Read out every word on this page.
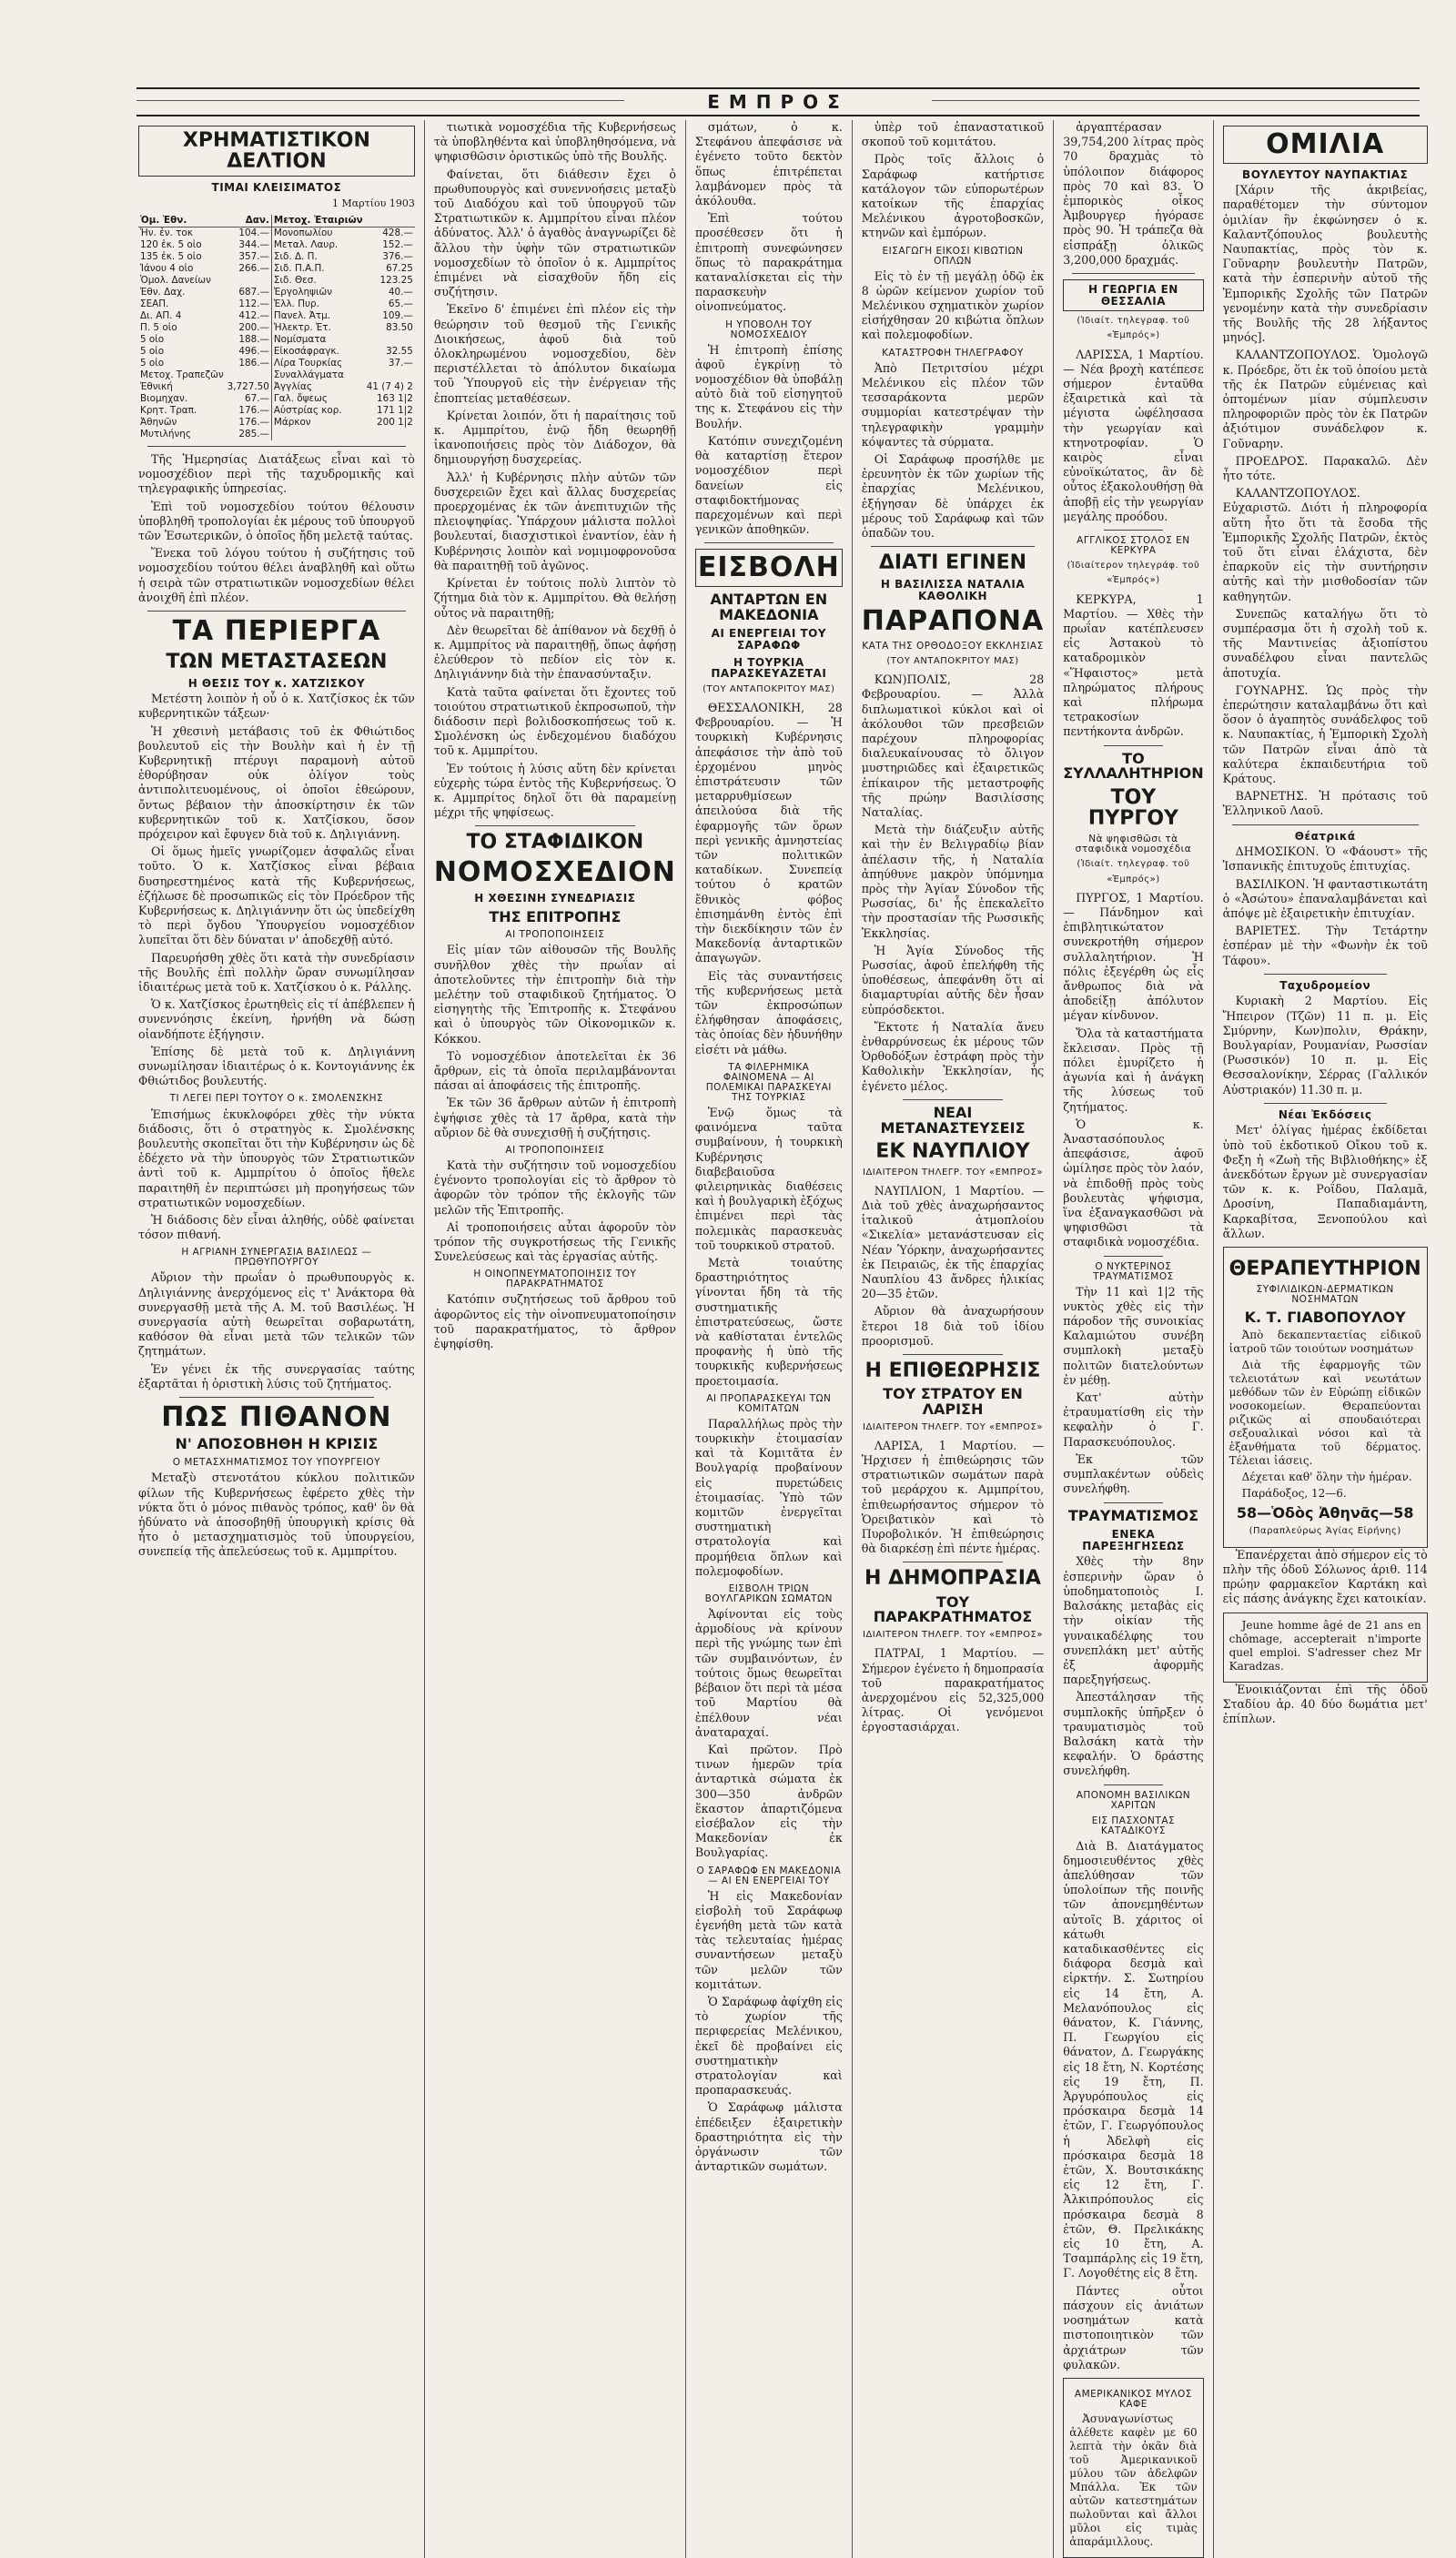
ΕΜΠΡΟΣ
ΧΡΗΜΑΤΙΣΤΙΚΟΝ ΔΕΛΤΙΟΝ
ΤΙΜΑΙ ΚΛΕΙΣΙΜΑΤΟΣ
1 Μαρτίου 1903
Ὁμ. Ἐθν.	Δαν.	Μετοχ. Ἑταιριῶν	
Ἠν. ἐν. τοκ	104.—	Μονοπωλίου	428.—
120 ἐκ. 5 οἰο	344.—	Μεταλ. Λαυρ.	152.—
135 ἐκ. 5 οἰο	357.—	Σιδ. Δ. Π.	376.—
Ἰάνου 4 οἰο	266.—	Σιδ. Π.Α.Π.	67.25
Ὁμολ. Δανείων		Σιδ. Θεσ.	123.25
Ἐθν. Δαχ.	687.—	Ἐργοληψιῶν	40.—
ΣΕΑΠ.	112.—	Ἑλλ. Πυρ.	65.—
Δι. ΑΠ. 4	412.—	Πανελ. Ἀτμ.	109.—
Π. 5 οἰο	200.—	Ἠλεκτρ. Ἑτ.	83.50
5 οἰο	188.—	Νομίσματα	
5 οἰο	496.—	Εἰκοσάφραγκ.	32.55
5 οἰο	186.—	Λίρα Τουρκίας	37.—
Μετοχ. Τραπεζῶν		Συναλλάγματα	
Ἐθνική	3,727.50	Ἀγγλίας	41 (7 4) 2
Βιομηχαν.	67.—	Γαλ. ὄψεως	163 1|2
Κρητ. Τραπ.	176.—	Αὐστρίας κορ.	171 1|2
Ἀθηνῶν	176.—	Μάρκον	200 1|2
Μυτιλήνης	285.—		

Τῆς Ἡμερησίας Διατάξεως εἶναι καὶ τὸ νομοσχέδιον περὶ τῆς ταχυδρομικῆς καὶ τηλεγραφικῆς ὑπηρεσίας.

Ἐπὶ τοῦ νομοσχεδίου τούτου θέλουσιν ὑποβληθῆ τροπολογίαι ἐκ μέρους τοῦ ὑπουργοῦ τῶν Ἐσωτερικῶν, ὁ ὁποῖος ἤδη μελετᾷ ταύτας.

Ἕνεκα τοῦ λόγου τούτου ἡ συζήτησις τοῦ νομοσχεδίου τούτου θέλει ἀναβληθῆ καὶ οὕτω ἡ σειρὰ τῶν στρατιωτικῶν νομοσχεδίων θέλει ἀνοιχθῆ ἐπὶ πλέον.

ΤΑ ΠΕΡΙΕΡΓΑ
ΤΩΝ ΜΕΤΑΣΤΑΣΕΩΝ
Η ΘΕΣΙΣ ΤΟΥ κ. ΧΑΤΖΙΣΚΟΥ

Μετέστη λοιπὸν ἡ οὗ ὁ κ. Χατζίσκος ἐκ τῶν κυβερνητικῶν τάξεων·

Ἡ χθεσινὴ μετάβασις τοῦ ἐκ Φθιώτιδος βουλευτοῦ εἰς τὴν Βουλὴν καὶ ἡ ἐν τῇ Κυβερνητικῇ πτέρυγι παραμονὴ αὐτοῦ ἐθορύβησαν οὐκ ὀλίγον τοὺς ἀντιπολιτευομένους, οἱ ὁποῖοι ἐθεώρουν, ὄντως βέβαιον τὴν ἀποσκίρτησιν ἐκ τῶν κυβερνητικῶν τοῦ κ. Χατζίσκου, ὅσον πρόχειρον καὶ ἔφυγεν διὰ τοῦ κ. Δηλιγιάννη.

Οἱ ὅμως ἡμεῖς γνωρίζομεν ἀσφαλῶς εἶναι τοῦτο. Ὁ κ. Χατζίσκος εἶναι βέβαια δυσηρεστημένος κατὰ τῆς Κυβερνήσεως, ἐζήλωσε δὲ προσωπικῶς εἰς τὸν Πρόεδρον τῆς Κυβερνήσεως κ. Δηλιγιάννην ὅτι ὡς ὑπεδείχθη τὸ περὶ ὄγδου Ὑπουργείου νομοσχέδιον λυπεῖται ὅτι δὲν δύναται ν' ἀποδεχθῇ αὐτό.

Παρευρήσθη χθὲς ὅτι κατὰ τὴν συνεδρίασιν τῆς Βουλῆς ἐπὶ πολλὴν ὥραν συνωμίλησαν ἰδιαιτέρως μετὰ τοῦ κ. Χατζίσκου ὁ κ. Ράλλης.

Ὁ κ. Χατζίσκος ἐρωτηθεὶς εἰς τί ἀπέβλεπεν ἡ συνεννόησις ἐκείνη, ἠρνήθη νὰ δώσῃ οἱανδήποτε ἐξήγησιν.

Ἐπίσης δὲ μετὰ τοῦ κ. Δηλιγιάννη συνωμίλησαν ἰδιαιτέρως ὁ κ. Κοντογιάννης ἐκ Φθιώτιδος βουλευτής.

ΤΙ ΛΕΓΕΙ ΠΕΡΙ ΤΟΥΤΟΥ Ο κ. ΣΜΟΛΕΝΣΚΗΣ

Ἐπισήμως ἐκυκλοφόρει χθὲς τὴν νύκτα διάδοσις, ὅτι ὁ στρατηγὸς κ. Σμολένσκης βουλευτὴς σκοπεῖται ὅτι τὴν Κυβέρνησιν ὡς δὲ ἐδέχετο νὰ τὴν ὑπουργὸς τῶν Στρατιωτικῶν ἀντὶ τοῦ κ. Αμμπρίτου ὁ ὁποῖος ἤθελε παραιτηθῆ ἐν περιπτώσει μὴ προηγήσεως τῶν στρατιωτικῶν νομοσχεδίων.

Ἡ διάδοσις δὲν εἶναι ἀληθής, οὐδὲ φαίνεται τόσον πιθανή.

Η ΑΓΡΙΑΝΗ ΣΥΝΕΡΓΑΣΙΑ ΒΑΣΙΛΕΩΣ — ΠΡΩΘΥΠΟΥΡΓΟΥ

Αὔριον τὴν πρωΐαν ὁ πρωθυπουργὸς κ. Δηλιγιάννης ἀνερχόμενος εἰς τ' Ἀνάκτορα θὰ συνεργασθῇ μετὰ τῆς Α. Μ. τοῦ Βασιλέως. Ἡ συνεργασία αὐτὴ θεωρεῖται σοβαρωτάτη, καθόσον θὰ εἶναι μετὰ τῶν τελικῶν τῶν ζητημάτων.

Ἐν γένει ἐκ τῆς συνεργασίας ταύτης ἐξαρτᾶται ἡ ὁριστικὴ λύσις τοῦ ζητήματος.

ΠΩΣ ΠΙΘΑΝΟΝ
Ν' ΑΠΟΣΟΒΗΘΗ Η ΚΡΙΣΙΣ
Ο ΜΕΤΑΣΧΗΜΑΤΙΣΜΟΣ ΤΟΥ ΥΠΟΥΡΓΕΙΟΥ

Μεταξὺ στενοτάτου κύκλου πολιτικῶν φίλων τῆς Κυβερνήσεως ἐφέρετο χθὲς τὴν νύκτα ὅτι ὁ μόνος πιθανὸς τρόπος, καθ' ὃν θὰ ἠδύνατο νὰ ἀποσοβηθῇ ὑπουργικὴ κρίσις θὰ ἦτο ὁ μετασχηματισμὸς τοῦ ὑπουργείου, συνεπείᾳ τῆς ἀπελεύσεως τοῦ κ. Αμμπρίτου.

τιωτικὰ νομοσχέδια τῆς Κυβερνήσεως τὰ ὑποβληθέντα καὶ ὑποβληθησόμενα, νὰ ψηφισθῶσιν ὁριστικῶς ὑπὸ τῆς Βουλῆς.

Φαίνεται, ὅτι διάθεσιν ἔχει ὁ πρωθυπουργὸς καὶ συνεννοήσεις μεταξὺ τοῦ Διαδόχου καὶ τοῦ ὑπουργοῦ τῶν Στρατιωτικῶν κ. Αμμπρίτου εἶναι πλέον ἀδύνατος. Ἀλλ' ὁ ἀγαθὸς ἀναγνωρίζει δὲ ἄλλου τὴν ὑφὴν τῶν στρατιωτικῶν νομοσχεδίων τὸ ὁποῖον ὁ κ. Αμμπρίτος ἐπιμένει νὰ εἰσαχθοῦν ἤδη εἰς συζήτησιν.

Ἐκεῖνο δ' ἐπιμένει ἐπὶ πλέον εἰς τὴν θεώρησιν τοῦ θεσμοῦ τῆς Γενικῆς Διοικήσεως, ἀφοῦ διὰ τοῦ ὁλοκληρωμένου νομοσχεδίου, δὲν περιστέλλεται τὸ ἀπόλυτον δικαίωμα τοῦ Ὑπουργοῦ εἰς τὴν ἐνέργειαν τῆς ἐποπτείας μεταθέσεων.

Κρίνεται λοιπόν, ὅτι ἡ παραίτησις τοῦ κ. Αμμπρίτου, ἐνῷ ἤδη θεωρηθῇ ἱκανοποιήσεις πρὸς τὸν Διάδοχον, θὰ δημιουργήσῃ δυσχερείας.

Ἀλλ' ἡ Κυβέρνησις πλὴν αὐτῶν τῶν δυσχερειῶν ἔχει καὶ ἄλλας δυσχερείας προερχομένας ἐκ τῶν ἀνεπιτυχιῶν τῆς πλειοψηφίας. Ὑπάρχουν μάλιστα πολλοὶ βουλευταί, διασχιστικοὶ ἐναντίον, ἐὰν ἡ Κυβέρνησις λοιπὸν καὶ νομιμοφρονοῦσα θὰ παραιτηθῇ τοῦ ἀγῶνος.

Κρίνεται ἐν τούτοις πολὺ λιπτὸν τὸ ζήτημα διὰ τὸν κ. Αμμπρίτου. Θὰ θελήσῃ οὗτος νὰ παραιτηθῇ;

Δὲν θεωρεῖται δὲ ἀπίθανον νὰ δεχθῇ ὁ κ. Αμμπρίτος νὰ παραιτηθῇ, ὅπως ἀφήσῃ ἐλεύθερον τὸ πεδίον εἰς τὸν κ. Δηλιγιάννην διὰ τὴν ἐπανασύνταξιν.

Κατὰ ταῦτα φαίνεται ὅτι ἔχοντες τοῦ τοιούτου στρατιωτικοῦ ἐκπροσωποῦ, τὴν διάδοσιν περὶ βολιδοσκοπήσεως τοῦ κ. Σμολένσκη ὡς ἐνδεχομένου διαδόχου τοῦ κ. Αμμπρίτου.

Ἐν τούτοις ἡ λύσις αὕτη δὲν κρίνεται εὐχερὴς τώρα ἐντὸς τῆς Κυβερνήσεως. Ὁ κ. Αμμπρίτος δηλοῖ ὅτι θὰ παραμείνῃ μέχρι τῆς ψηφίσεως.

ΤΟ ΣΤΑΦΙΔΙΚΟΝ
ΝΟΜΟΣΧΕΔΙΟΝ
Η ΧΘΕΣΙΝΗ ΣΥΝΕΔΡΙΑΣΙΣ
ΤΗΣ ΕΠΙΤΡΟΠΗΣ
ΑΙ ΤΡΟΠΟΠΟΙΗΣΕΙΣ

Εἰς μίαν τῶν αἰθουσῶν τῆς Βουλῆς συνῆλθον χθὲς τὴν πρωΐαν αἱ ἀποτελοῦντες τὴν ἐπιτροπὴν διὰ τὴν μελέτην τοῦ σταφιδικοῦ ζητήματος. Ὁ εἰσηγητὴς τῆς Ἐπιτροπῆς κ. Στεφάνου καὶ ὁ ὑπουργὸς τῶν Οἰκονομικῶν κ. Κόκκου.

Τὸ νομοσχέδιον ἀποτελεῖται ἐκ 36 ἄρθρων, εἰς τὰ ὁποῖα περιλαμβάνονται πάσαι αἱ ἀποφάσεις τῆς ἐπιτροπῆς.

Ἐκ τῶν 36 ἄρθρων αὐτῶν ἡ ἐπιτροπὴ ἐψήφισε χθὲς τὰ 17 ἄρθρα, κατὰ τὴν αὔριον δὲ θὰ συνεχισθῇ ἡ συζήτησις.

ΑΙ ΤΡΟΠΟΠΟΙΗΣΕΙΣ

Κατὰ τὴν συζήτησιν τοῦ νομοσχεδίου ἐγένοντο τροπολογίαι εἰς τὸ ἄρθρον τὸ ἀφορῶν τὸν τρόπον τῆς ἐκλογῆς τῶν μελῶν τῆς Ἐπιτροπῆς.

Αἱ τροποποιήσεις αὗται ἀφοροῦν τὸν τρόπον τῆς συγκροτήσεως τῆς Γενικῆς Συνελεύσεως καὶ τὰς ἐργασίας αὐτῆς.

Η ΟΙΝΟΠΝΕΥΜΑΤΟΠΟΙΗΣΙΣ ΤΟΥ ΠΑΡΑΚΡΑΤΗΜΑΤΟΣ

Κατόπιν συζητήσεως τοῦ ἄρθρου τοῦ ἀφορῶντος εἰς τὴν οἰνοπνευματοποίησιν τοῦ παρακρατήματος, τὸ ἄρθρον ἐψηφίσθη.

σμάτων, ὁ κ. Στεφάνου ἀπεφάσισε νὰ ἐγένετο τοῦτο δεκτὸν ὅπως ἐπιτρέπεται λαμβάνομεν πρὸς τὰ ἀκόλουθα.

Ἐπὶ τούτου προσέθεσεν ὅτι ἡ ἐπιτροπὴ συνεφώνησεν ὅπως τὸ παρακράτημα καταναλίσκεται εἰς τὴν παρασκευὴν οἰνοπνεύματος.

Η ΥΠΟΒΟΛΗ ΤΟΥ ΝΟΜΟΣΧΕΔΙΟΥ

Ἡ ἐπιτροπὴ ἐπίσης ἀφοῦ ἐγκρίνῃ τὸ νομοσχέδιον θὰ ὑποβάλῃ αὐτὸ διὰ τοῦ εἰσηγητοῦ της κ. Στεφάνου εἰς τὴν Βουλήν.

Κατόπιν συνεχιζομένη θὰ καταρτίσῃ ἕτερον νομοσχέδιον περὶ δανείων εἰς σταφιδοκτήμονας παρεχομένων καὶ περὶ γενικῶν ἀποθηκῶν.

ΕΙΣΒΟΛΗ
ΑΝΤΑΡΤΩΝ ΕΝ ΜΑΚΕΔΟΝΙΑ
ΑΙ ΕΝΕΡΓΕΙΑΙ ΤΟΥ ΣΑΡΑΦΩΦ
Η ΤΟΥΡΚΙΑ ΠΑΡΑΣΚΕΥΑΖΕΤΑΙ
(ΤΟΥ ΑΝΤΑΠΟΚΡΙΤΟΥ ΜΑΣ)

ΘΕΣΣΑΛΟΝΙΚΗ, 28 Φεβρουαρίου. — Ἡ τουρκικὴ Κυβέρνησις ἀπεφάσισε τὴν ἀπὸ τοῦ ἐρχομένου μηνὸς ἐπιστράτευσιν τῶν μεταρρυθμίσεων ἀπειλούσα διὰ τῆς ἐφαρμογῆς τῶν ὅρων περὶ γενικῆς ἀμνηστείας τῶν πολιτικῶν καταδίκων. Συνεπείᾳ τούτου ὁ κρατῶν ἔθνικὸς φόβος ἐπισημάνθη ἐντὸς ἐπὶ τὴν διεκδίκησιν τῶν ἐν Μακεδονίᾳ ἀνταρτικῶν ἀπαγωγῶν.

Εἰς τὰς συναντήσεις τῆς κυβερνήσεως μετὰ τῶν ἐκπροσώπων ἐλήφθησαν ἀποφάσεις, τὰς ὁποίας δὲν ἠδυνήθην εἰσέτι νὰ μάθω.

ΤΑ ΦΙΛΕΡΗΜΙΚΑ ΦΑΙΝΟΜΕΝΑ — ΑΙ ΠΟΛΕΜΙΚΑΙ ΠΑΡΑΣΚΕΥΑΙ ΤΗΣ ΤΟΥΡΚΙΑΣ

Ἐνῷ ὅμως τὰ φαινόμενα ταῦτα συμβαίνουν, ἡ τουρκικὴ Κυβέρνησις διαβεβαιοῦσα φιλειρηνικὰς διαθέσεις καὶ ἡ βουλγαρικὴ ἐξόχως ἐπιμένει περὶ τὰς πολεμικὰς παρασκευὰς τοῦ τουρκικοῦ στρατοῦ.

Μετὰ τοιαύτης δραστηριότητος γίνονται ἤδη τὰ τῆς συστηματικῆς ἐπιστρατεύσεως, ὥστε νὰ καθίσταται ἐντελῶς προφανὴς ἡ ὑπὸ τῆς τουρκικῆς κυβερνήσεως προετοιμασία.

ΑΙ ΠΡΟΠΑΡΑΣΚΕΥΑΙ ΤΩΝ ΚΟΜΙΤΑΤΩΝ

Παραλλήλως πρὸς τὴν τουρκικὴν ἑτοιμασίαν καὶ τὰ Κομιτᾶτα ἐν Βουλγαρίᾳ προβαίνουν εἰς πυρετώδεις ἑτοιμασίας. Ὑπὸ τῶν κομιτῶν ἐνεργεῖται συστηματικὴ στρατολογία καὶ προμήθεια ὅπλων καὶ πολεμοφοδίων.

ΕΙΣΒΟΛΗ ΤΡΙΩΝ ΒΟΥΛΓΑΡΙΚΩΝ ΣΩΜΑΤΩΝ

Ἀφίνονται εἰς τοὺς ἀρμοδίους νὰ κρίνουν περὶ τῆς γνώμης των ἐπὶ τῶν συμβαινόντων, ἐν τούτοις ὅμως θεωρεῖται βέβαιον ὅτι περὶ τὰ μέσα τοῦ Μαρτίου θὰ ἐπέλθουν νέαι ἀναταραχαί.

Καὶ πρῶτον. Πρὸ τινων ἡμερῶν τρία ἀνταρτικὰ σώματα ἐκ 300—350 ἀνδρῶν ἕκαστον ἀπαρτιζόμενα εἰσέβαλον εἰς τὴν Μακεδονίαν ἐκ Βουλγαρίας.

Ο ΣΑΡΑΦΩΦ ΕΝ ΜΑΚΕΔΟΝΙΑ — ΑΙ ΕΝ ΕΝΕΡΓΕΙΑΙ ΤΟΥ

Ἡ εἰς Μακεδονίαν εἰσβολὴ τοῦ Σαράφωφ ἐγενήθη μετὰ τῶν κατὰ τὰς τελευταίας ἡμέρας συναντήσεων μεταξὺ τῶν μελῶν τῶν κομιτάτων.

Ὁ Σαράφωφ ἀφίχθη εἰς τὸ χωρίον τῆς περιφερείας Μελένικου, ἐκεῖ δὲ προβαίνει εἰς συστηματικὴν στρατολογίαν καὶ προπαρασκευάς.

Ὁ Σαράφωφ μάλιστα ἐπέδειξεν ἐξαιρετικὴν δραστηριότητα εἰς τὴν ὀργάνωσιν τῶν ἀνταρτικῶν σωμάτων.

ὑπὲρ τοῦ ἐπαναστατικοῦ σκοποῦ τοῦ κομιτάτου.

Πρὸς τοῖς ἄλλοις ὁ Σαράφωφ κατήρτισε κατάλογον τῶν εὐπορωτέρων κατοίκων τῆς ἐπαρχίας Μελένικου ἀγροτοβοσκῶν, κτηνῶν καὶ ἐμπόρων.

ΕΙΣΑΓΩΓΗ ΕΙΚΟΣΙ ΚΙΒΩΤΙΩΝ ΟΠΛΩΝ

Εἰς τὸ ἐν τῇ μεγάλῃ ὁδῷ ἐκ 8 ὡρῶν κείμενον χωρίον τοῦ Μελένικου σχηματικὸν χωρίον εἰσήχθησαν 20 κιβώτια ὅπλων καὶ πολεμοφοδίων.

ΚΑΤΑΣΤΡΟΦΗ ΤΗΛΕΓΡΑΦΟΥ

Ἀπὸ Πετριτσίου μέχρι Μελένικου εἰς πλέον τῶν τεσσαράκοντα μερῶν συμμορίαι κατεστρέψαν τὴν τηλεγραφικὴν γραμμὴν κόψαντες τὰ σύρματα.

Οἱ Σαράφωφ προσήλθε με ἐρευνητὸν ἐκ τῶν χωρίων τῆς ἐπαρχίας Μελένικου, ἐξήγησαν δὲ ὑπάρχει ἐκ μέρους τοῦ Σαράφωφ καὶ τῶν ὁπαδῶν του.

ΔΙΑΤΙ ΕΓΙΝΕΝ
Η ΒΑΣΙΛΙΣΣΑ ΝΑΤΑΛΙΑ ΚΑΘΟΛΙΚΗ
ΠΑΡΑΠΟΝΑ
ΚΑΤΑ ΤΗΣ ΟΡΘΟΔΟΞΟΥ ΕΚΚΛΗΣΙΑΣ
(ΤΟΥ ΑΝΤΑΠΟΚΡΙΤΟΥ ΜΑΣ)

ΚΩΝ)ΠΟΛΙΣ, 28 Φεβρουαρίου. — Ἀλλὰ διπλωματικοὶ κύκλοι καὶ οἱ ἀκόλουθοι τῶν πρεσβειῶν παρέχουν πληροφορίας διαλευκαίνουσας τὸ ὄλιγον μυστηριῶδες καὶ ἐξαιρετικῶς ἐπίκαιρον τῆς μεταστροφῆς τῆς πρώην Βασιλίσσης Ναταλίας.

Μετὰ τὴν διάζευξιν αὐτῆς καὶ τὴν ἐν Βελιγραδίῳ βίαν ἀπέλασιν τῆς, ἡ Ναταλία ἀπηύθυνε μακρὸν ὑπόμνημα πρὸς τὴν Ἁγίαν Σύνοδον τῆς Ρωσσίας, δι' ἧς ἐπεκαλεῖτο τὴν προστασίαν τῆς Ρωσσικῆς Ἐκκλησίας.

Ἡ Ἁγία Σύνοδος τῆς Ρωσσίας, ἀφοῦ ἐπελήφθη τῆς ὑποθέσεως, ἀπεφάνθη ὅτι αἱ διαμαρτυρίαι αὐτῆς δὲν ἦσαν εὐπρόσδεκτοι.

Ἔκτοτε ἡ Ναταλία ἄνευ ἐνθαρρύνσεως ἐκ μέρους τῶν Ὀρθοδόξων ἐστράφη πρὸς τὴν Καθολικὴν Ἐκκλησίαν, ἧς ἐγένετο μέλος.

ΝΕΑΙ ΜΕΤΑΝΑΣΤΕΥΣΕΙΣ
ΕΚ ΝΑΥΠΛΙΟΥ
ΙΔΙΑΙΤΕΡΟΝ ΤΗΛΕΓΡ. ΤΟΥ «ΕΜΠΡΟΣ»

ΝΑΥΠΛΙΟΝ, 1 Μαρτίου. — Διὰ τοῦ χθὲς ἀναχωρήσαντος ἰταλικοῦ ἀτμοπλοίου «Σικελία» μετανάστευσαν εἰς Νέαν Ὑόρκην, ἀναχωρήσαντες ἐκ Πειραιῶς, ἐκ τῆς ἐπαρχίας Ναυπλίου 43 ἄνδρες ἡλικίας 20—35 ἐτῶν.

Αὔριον θὰ ἀναχωρήσουν ἔτεροι 18 διὰ τοῦ ἰδίου προορισμοῦ.

Η ΕΠΙΘΕΩΡΗΣΙΣ
ΤΟΥ ΣΤΡΑΤΟΥ ΕΝ ΛΑΡΙΣΗ
ΙΔΙΑΙΤΕΡΟΝ ΤΗΛΕΓΡ. ΤΟΥ «ΕΜΠΡΟΣ»

ΛΑΡΙΣΑ, 1 Μαρτίου. — Ἠρχισεν ἡ ἐπιθεώρησις τῶν στρατιωτικῶν σωμάτων παρὰ τοῦ μεράρχου κ. Αμμπρίτου, ἐπιθεωρήσαντος σήμερον τὸ Ὁρειβατικὸν καὶ τὸ Πυροβολικόν. Ἡ ἐπιθεώρησις θὰ διαρκέσῃ ἐπὶ πέντε ἡμέρας.

Η ΔΗΜΟΠΡΑΣΙΑ
ΤΟΥ ΠΑΡΑΚΡΑΤΗΜΑΤΟΣ
ΙΔΙΑΙΤΕΡΟΝ ΤΗΛΕΓΡ. ΤΟΥ «ΕΜΠΡΟΣ»

ΠΑΤΡΑΙ, 1 Μαρτίου. — Σήμερον ἐγένετο ἡ δημοπρασία τοῦ παρακρατήματος ἀνερχομένου εἰς 52,325,000 λίτρας. Οἱ γενόμενοι ἐργοστασιάρχαι.

ἀργαπτέρασαν 39,754,200 λίτρας πρὸς 70 δραχμὰς τὸ ὑπόλοιπον διάφορος πρὸς 70 καὶ 83. Ὁ ἐμπορικὸς οἶκος Ἀμβουργερ ἠγόρασε πρὸς 90. Ἡ τράπεζα θὰ εἰσπράξῃ ὁλικῶς 3,200,000 δραχμάς.

Η ΓΕΩΡΓΙΑ ΕΝ ΘΕΣΣΑΛΙΑ
(Ἰδιαίτ. τηλεγραφ. τοῦ «Ἐμπρός»)

ΛΑΡΙΣΣΑ, 1 Μαρτίου. — Νέα βροχὴ κατέπεσε σήμερον ἐνταῦθα ἐξαιρετικὰ καὶ τὰ μέγιστα ὠφέλησασα τὴν γεωργίαν καὶ κτηνοτροφίαν. Ὁ καιρὸς εἶναι εὐνοϊκώτατος, ἂν δὲ οὗτος ἐξακολουθήσῃ θὰ ἀποβῇ εἰς τὴν γεωργίαν μεγάλης προόδου.

ΑΓΓΛΙΚΟΣ ΣΤΟΛΟΣ ΕΝ ΚΕΡΚΥΡΑ
(Ἰδιαίτερον τηλεγράφ. τοῦ «Ἐμπρός»)

ΚΕΡΚΥΡΑ, 1 Μαρτίου. — Χθὲς τὴν πρωΐαν κατέπλευσεν εἰς Ἀστακοὺ τὸ καταδρομικὸν «Ἥφαιστος» μετὰ πληρώματος πλήρους καὶ πλήρωμα τετρακοσίων πεντήκοντα ἀνδρῶν.

ΤΟ ΣΥΛΛΑΛΗΤΗΡΙΟΝ
ΤΟΥ ΠΥΡΓΟΥ
Νὰ ψηφισθῶσι τὰ σταφιδικὰ νομοσχέδια
(Ἰδιαίτ. τηλεγραφ. τοῦ «Ἐμπρός»)

ΠΥΡΓΟΣ, 1 Μαρτίου. — Πάνδημον καὶ ἐπιβλητικώτατον συνεκροτήθη σήμερον συλλαλητήριον. Ἡ πόλις ἐξεγέρθη ὡς εἷς ἄνθρωπος διὰ νὰ ἀποδείξῃ ἀπόλυτον μέγαν κίνδυνον.

Ὅλα τὰ καταστήματα ἔκλεισαν. Πρὸς τῇ πόλει ἐμυρίζετο ἡ ἀγωνία καὶ ἡ ἀνάγκη τῆς λύσεως τοῦ ζητήματος.

Ὁ κ. Ἀναστασόπουλος ἀπεφάσισε, ἀφοῦ ὡμίλησε πρὸς τὸν λαόν, νὰ ἐπιδοθῇ πρὸς τοὺς βουλευτὰς ψήφισμα, ἵνα ἐξαναγκασθῶσι νὰ ψηφισθῶσι τὰ σταφιδικὰ νομοσχέδια.

Ο ΝΥΚΤΕΡΙΝΟΣ ΤΡΑΥΜΑΤΙΣΜΟΣ

Τὴν 11 καὶ 1|2 τῆς νυκτὸς χθὲς εἰς τὴν πάροδον τῆς συνοικίας Καλαμιώτου συνέβη συμπλοκὴ μεταξὺ πολιτῶν διατελούντων ἐν μέθῃ.

Κατ' αὐτὴν ἐτραυματίσθη εἰς τὴν κεφαλὴν ὁ Γ. Παρασκευόπουλος.

Ἐκ τῶν συμπλακέντων οὐδεὶς συνελήφθη.

ΤΡΑΥΜΑΤΙΣΜΟΣ
ΕΝΕΚΑ ΠΑΡΕΞΗΓΗΣΕΩΣ

Χθὲς τὴν 8ην ἑσπερινὴν ὥραν ὁ ὑποδηματοποιὸς Ι. Βαλσάκης μεταβὰς εἰς τὴν οἰκίαν τῆς γυναικαδέλφης του συνεπλάκη μετ' αὐτῆς ἐξ ἀφορμῆς παρεξηγήσεως.

Ἀπεστάλησαν τῆς συμπλοκῆς ὑπῆρξεν ὁ τραυματισμὸς τοῦ Βαλσάκη κατὰ τὴν κεφαλήν. Ὁ δράστης συνελήφθη.

ΑΠΟΝΟΜΗ ΒΑΣΙΛΙΚΩΝ ΧΑΡΙΤΩΝ
ΕΙΣ ΠΑΣΧΟΝΤΑΣ ΚΑΤΑΔΙΚΟΥΣ

Διὰ Β. Διατάγματος δημοσιευθέντος χθὲς ἀπελύθησαν τῶν ὑπολοίπων τῆς ποινῆς τῶν ἀπονεμηθέντων αὐτοῖς Β. χάριτος οἱ κάτωθι καταδικασθέντες εἰς διάφορα δεσμὰ καὶ εἰρκτήν. Σ. Σωτηρίου εἰς 14 ἔτη, Α. Μελανόπουλος εἰς θάνατον, Κ. Γιάννης, Π. Γεωργίου εἰς θάνατον, Δ. Γεωργάκης εἰς 18 ἔτη, Ν. Κορτέσης εἰς 19 ἔτη, Π. Ἀργυρόπουλος εἰς πρόσκαιρα δεσμὰ 14 ἐτῶν, Γ. Γεωργόπουλος ἡ Ἀδελφὴ εἰς πρόσκαιρα δεσμὰ 18 ἐτῶν, Χ. Βουτσικάκης εἰς 12 ἔτη, Γ. Ἀλκιπρόπουλος εἰς πρόσκαιρα δεσμὰ 8 ἐτῶν, Θ. Πρελικάκης εἰς 10 ἔτη, Α. Τσαμπάρλης εἰς 19 ἔτη, Γ. Λογοθέτης εἰς 8 ἔτη.

Πάντες οὗτοι πάσχουν εἰς ἀνιάτων νοσημάτων κατὰ πιστοποιητικὸν τῶν ἀρχιάτρων τῶν φυλακῶν.

ΑΜΕΡΙΚΑΝΙΚΟΣ ΜΥΛΟΣ ΚΑΦΕ

Ἀσυναγωνίστως ἀλέθετε καφὲν με 60 λεπτὰ τὴν ὀκᾶν διὰ τοῦ Ἀμερικανικοῦ μύλου τῶν ἀδελφῶν Μπάλλα. Ἐκ τῶν αὐτῶν κατεστημάτων πωλοῦνται καὶ ἄλλοι μῦλοι εἰς τιμὰς ἀπαράμιλλους.

ΟΜΙΛΙΑ
ΒΟΥΛΕΥΤΟΥ ΝΑΥΠΑΚΤΙΑΣ

[Χάριν τῆς ἀκριβείας, παραθέτομεν τὴν σύντομον ὁμιλίαν ἣν ἐκφώνησεν ὁ κ. Καλαντζόπουλος βουλευτὴς Ναυπακτίας, πρὸς τὸν κ. Γοῦναρην βουλευτὴν Πατρῶν, κατὰ τὴν ἐσπερινὴν αὐτοῦ τῆς Ἐμπορικῆς Σχολῆς τῶν Πατρῶν γενομένην κατὰ τὴν συνεδρίασιν τῆς Βουλῆς τῆς 28 λήξαντος μηνός].

ΚΑΛΑΝΤΖΟΠΟΥΛΟΣ. Ὁμολογῶ κ. Πρόεδρε, ὅτι ἐκ τοῦ ὁποίου μετὰ τῆς ἐκ Πατρῶν εὐμένειας καὶ ὀπτομένων μίαν σύμπλευσιν πληροφοριῶν πρὸς τὸν ἐκ Πατρῶν ἀξιότιμον συνάδελφον κ. Γοῦναρην.

ΠΡΟΕΔΡΟΣ. Παρακαλῶ. Δὲν ἦτο τότε.

ΚΑΛΑΝΤΖΟΠΟΥΛΟΣ. Εὐχαριστῶ. Διότι ἡ πληροφορία αὕτη ἦτο ὅτι τὰ ἔσοδα τῆς Ἐμπορικῆς Σχολῆς Πατρῶν, ἐκτὸς τοῦ ὅτι εἶναι ἐλάχιστα, δὲν ἐπαρκοῦν εἰς τὴν συντήρησιν αὐτῆς καὶ τὴν μισθοδοσίαν τῶν καθηγητῶν.

Συνεπῶς καταλήγω ὅτι τὸ συμπέρασμα ὅτι ἡ σχολὴ τοῦ κ. τῆς Μαντινείας ἀξιοπίστου συναδέλφου εἶναι παντελῶς ἀποτυχία.

ΓΟΥΝΑΡΗΣ. Ὡς πρὸς τὴν ἐπερώτησιν καταλαμβάνω ὅτι καὶ ὅσον ὁ ἀγαπητὸς συνάδελφος τοῦ κ. Ναυπακτίας, ἡ Ἐμπορικὴ Σχολὴ τῶν Πατρῶν εἶναι ἀπὸ τὰ καλύτερα ἐκπαιδευτήρια τοῦ Κράτους.

ΒΑΡΝΕΤΗΣ. Ἡ πρότασις τοῦ Ἐλληνικοῦ Λαοῦ.

Θέατρικά

ΔΗΜΟΣΙΚΟΝ. Ὁ «Φάουστ» τῆς Ἰσπανικῆς ἐπιτυχοῦς ἐπιτυχίας.

ΒΑΣΙΛΙΚΟΝ. Ἡ φανταστικωτάτη ὁ «Ἀσώτου» ἐπαναλαμβάνεται καὶ ἀπόψε μὲ ἐξαιρετικὴν ἐπιτυχίαν.

ΒΑΡΙΕΤΕΣ. Τὴν Τετάρτην ἑσπέραν μὲ τὴν «Φωνὴν ἐκ τοῦ Τάφου».

Ταχυδρομείον

Κυριακὴ 2 Μαρτίου. Εἰς Ἤπειρον (Τζῶν) 11 π. μ. Εἰς Σμύρνην, Κων)πολιν, Θράκην, Βουλγαρίαν, Ρουμανίαν, Ρωσσίαν (Ρωσσικόν) 10 π. μ. Εἰς Θεσσαλονίκην, Σέρρας (Γαλλικόν Αὐστριακόν) 11.30 π. μ.

Νέαι Ἐκδόσεις

Μετ' ὀλίγας ἡμέρας ἐκδίδεται ὑπὸ τοῦ ἐκδοτικοῦ Οἴκου τοῦ κ. Φεξη ἡ «Ζωὴ τῆς Βιβλιοθήκης» ἐξ ἀνεκδότων ἔργων μὲ συνεργασίαν τῶν κ. κ. Ροΐδου, Παλαμᾶ, Δροσίνη, Παπαδιαμάντη, Καρκαβίτσα, Ξενοπούλου καὶ ἄλλων.

ΘΕΡΑΠΕΥΤΗΡΙΟΝ
ΣΥΦΙΛΙΔΙΚΩΝ-ΔΕΡΜΑΤΙΚΩΝ ΝΟΣΗΜΑΤΩΝ
Κ. Τ. ΓΙΑΒΟΠΟΥΛΟΥ

Ἀπὸ δεκαπενταετίας εἰδικοῦ ἰατροῦ τῶν τοιούτων νοσημάτων

Διὰ τῆς ἐφαρμογῆς τῶν τελειοτάτων καὶ νεωτάτων μεθόδων τῶν ἐν Εὐρώπῃ εἰδικῶν νοσοκομείων. Θεραπεύονται ριζικῶς αἱ σπουδαιότεραι σεξουαλικαὶ νόσοι καὶ τὰ ἐξανθήματα τοῦ δέρματος. Τέλειαι ἰάσεις.

Δέχεται καθ' ὅλην τὴν ἡμέραν.

Παράδοξος, 12—6.

58—Ὁδὸς Ἀθηνᾶς—58
(Παραπλεύρως Ἁγίας Εἰρήνης)

Ἐπανέρχεται ἀπὸ σήμερον εἰς τὸ πλὴν τῆς ὁδοῦ Σόλωνος ἀριθ. 114 πρώην φαρμακεῖον Καρτάκη καὶ εἰς πάσης ἀνάγκης ἔχει κατοικίαν.

Jeune homme âgé de 21 ans en chômage, accepterait n'importe quel emploi. S'adresser chez Mr Karadzas.

Ἐνοικιάζονται ἐπὶ τῆς ὁδοῦ Σταδίου ἀρ. 40 δύο δωμάτια μετ' ἐπίπλων.
